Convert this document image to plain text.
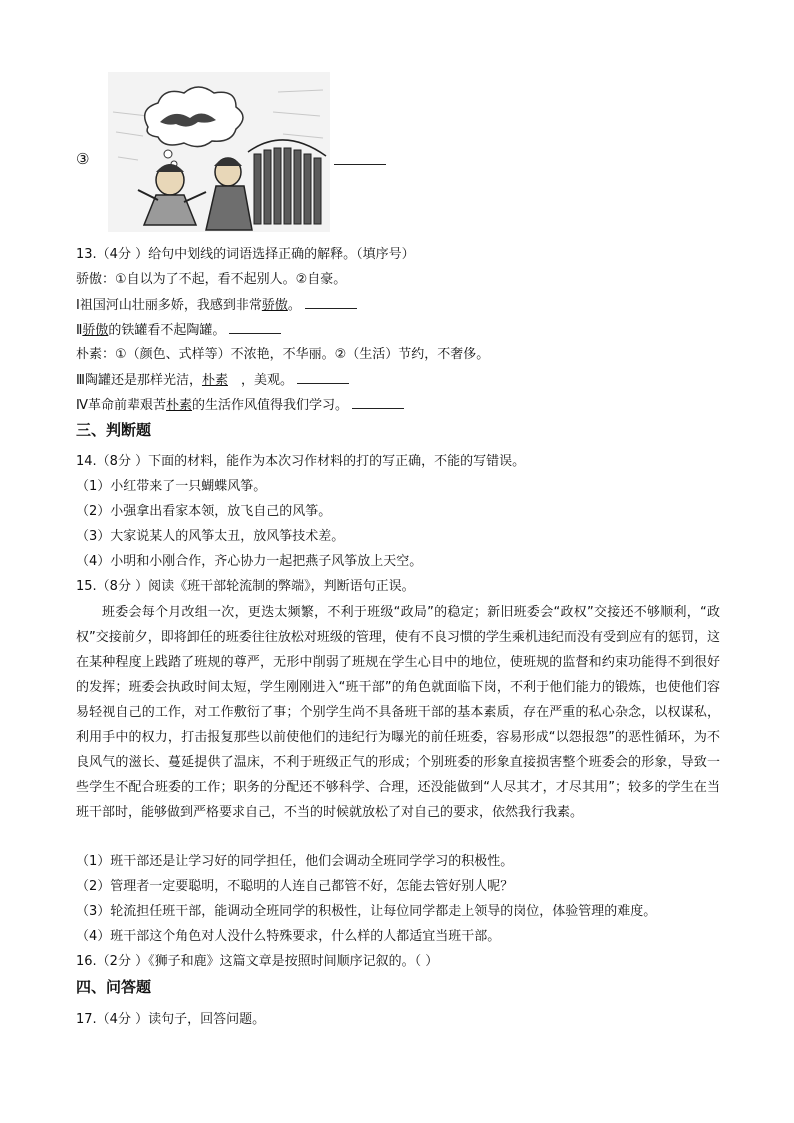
③
13.（4分 ）给句中划线的词语选择正确的解释。（填序号）
骄傲：①自以为了不起，看不起别人。②自豪。
Ⅰ祖国河山壮丽多娇，我感到非常骄傲。
Ⅱ骄傲的铁罐看不起陶罐。
朴素：①（颜色、式样等）不浓艳，不华丽。②（生活）节约，不奢侈。
Ⅲ陶罐还是那样光洁，朴素　，美观。
Ⅳ革命前辈艰苦朴素的生活作风值得我们学习。
三、判断题
14.（8分 ）下面的材料，能作为本次习作材料的打的写正确，不能的写错误。
（1）小红带来了一只蝴蝶风筝。
（2）小强拿出看家本领，放飞自己的风筝。
（3）大家说某人的风筝太丑，放风筝技术差。
（4）小明和小刚合作，齐心协力一起把燕子风筝放上天空。
15.（8分 ）阅读《班干部轮流制的弊端》，判断语句正误。
班委会每个月改组一次，更迭太频繁，不利于班级“政局”的稳定；新旧班委会“政权”交接还不够顺利，“政权”交接前夕，即将卸任的班委往往放松对班级的管理，使有不良习惯的学生乘机违纪而没有受到应有的惩罚，这在某种程度上践踏了班规的尊严，无形中削弱了班规在学生心目中的地位，使班规的监督和约束功能得不到很好的发挥；班委会执政时间太短，学生刚刚进入“班干部”的角色就面临下岗，不利于他们能力的锻炼，也使他们容易轻视自己的工作，对工作敷衍了事；个别学生尚不具备班干部的基本素质，存在严重的私心杂念，以权谋私，利用手中的权力，打击报复那些以前使他们的违纪行为曝光的前任班委，容易形成“以怨报怨”的恶性循环，为不良风气的滋长、蔓延提供了温床，不利于班级正气的形成；个别班委的形象直接损害整个班委会的形象，导致一些学生不配合班委的工作；职务的分配还不够科学、合理，还没能做到“人尽其才，才尽其用”；较多的学生在当班干部时，能够做到严格要求自己，不当的时候就放松了对自己的要求，依然我行我素。
（1）班干部还是让学习好的同学担任，他们会调动全班同学学习的积极性。
（2）管理者一定要聪明，不聪明的人连自己都管不好，怎能去管好别人呢？
（3）轮流担任班干部，能调动全班同学的积极性，让每位同学都走上领导的岗位，体验管理的难度。
（4）班干部这个角色对人没什么特殊要求，什么样的人都适宜当班干部。
16.（2分 ）《狮子和鹿》这篇文章是按照时间顺序记叙的。（ ）
四、问答题
17.（4分 ）读句子，回答问题。
